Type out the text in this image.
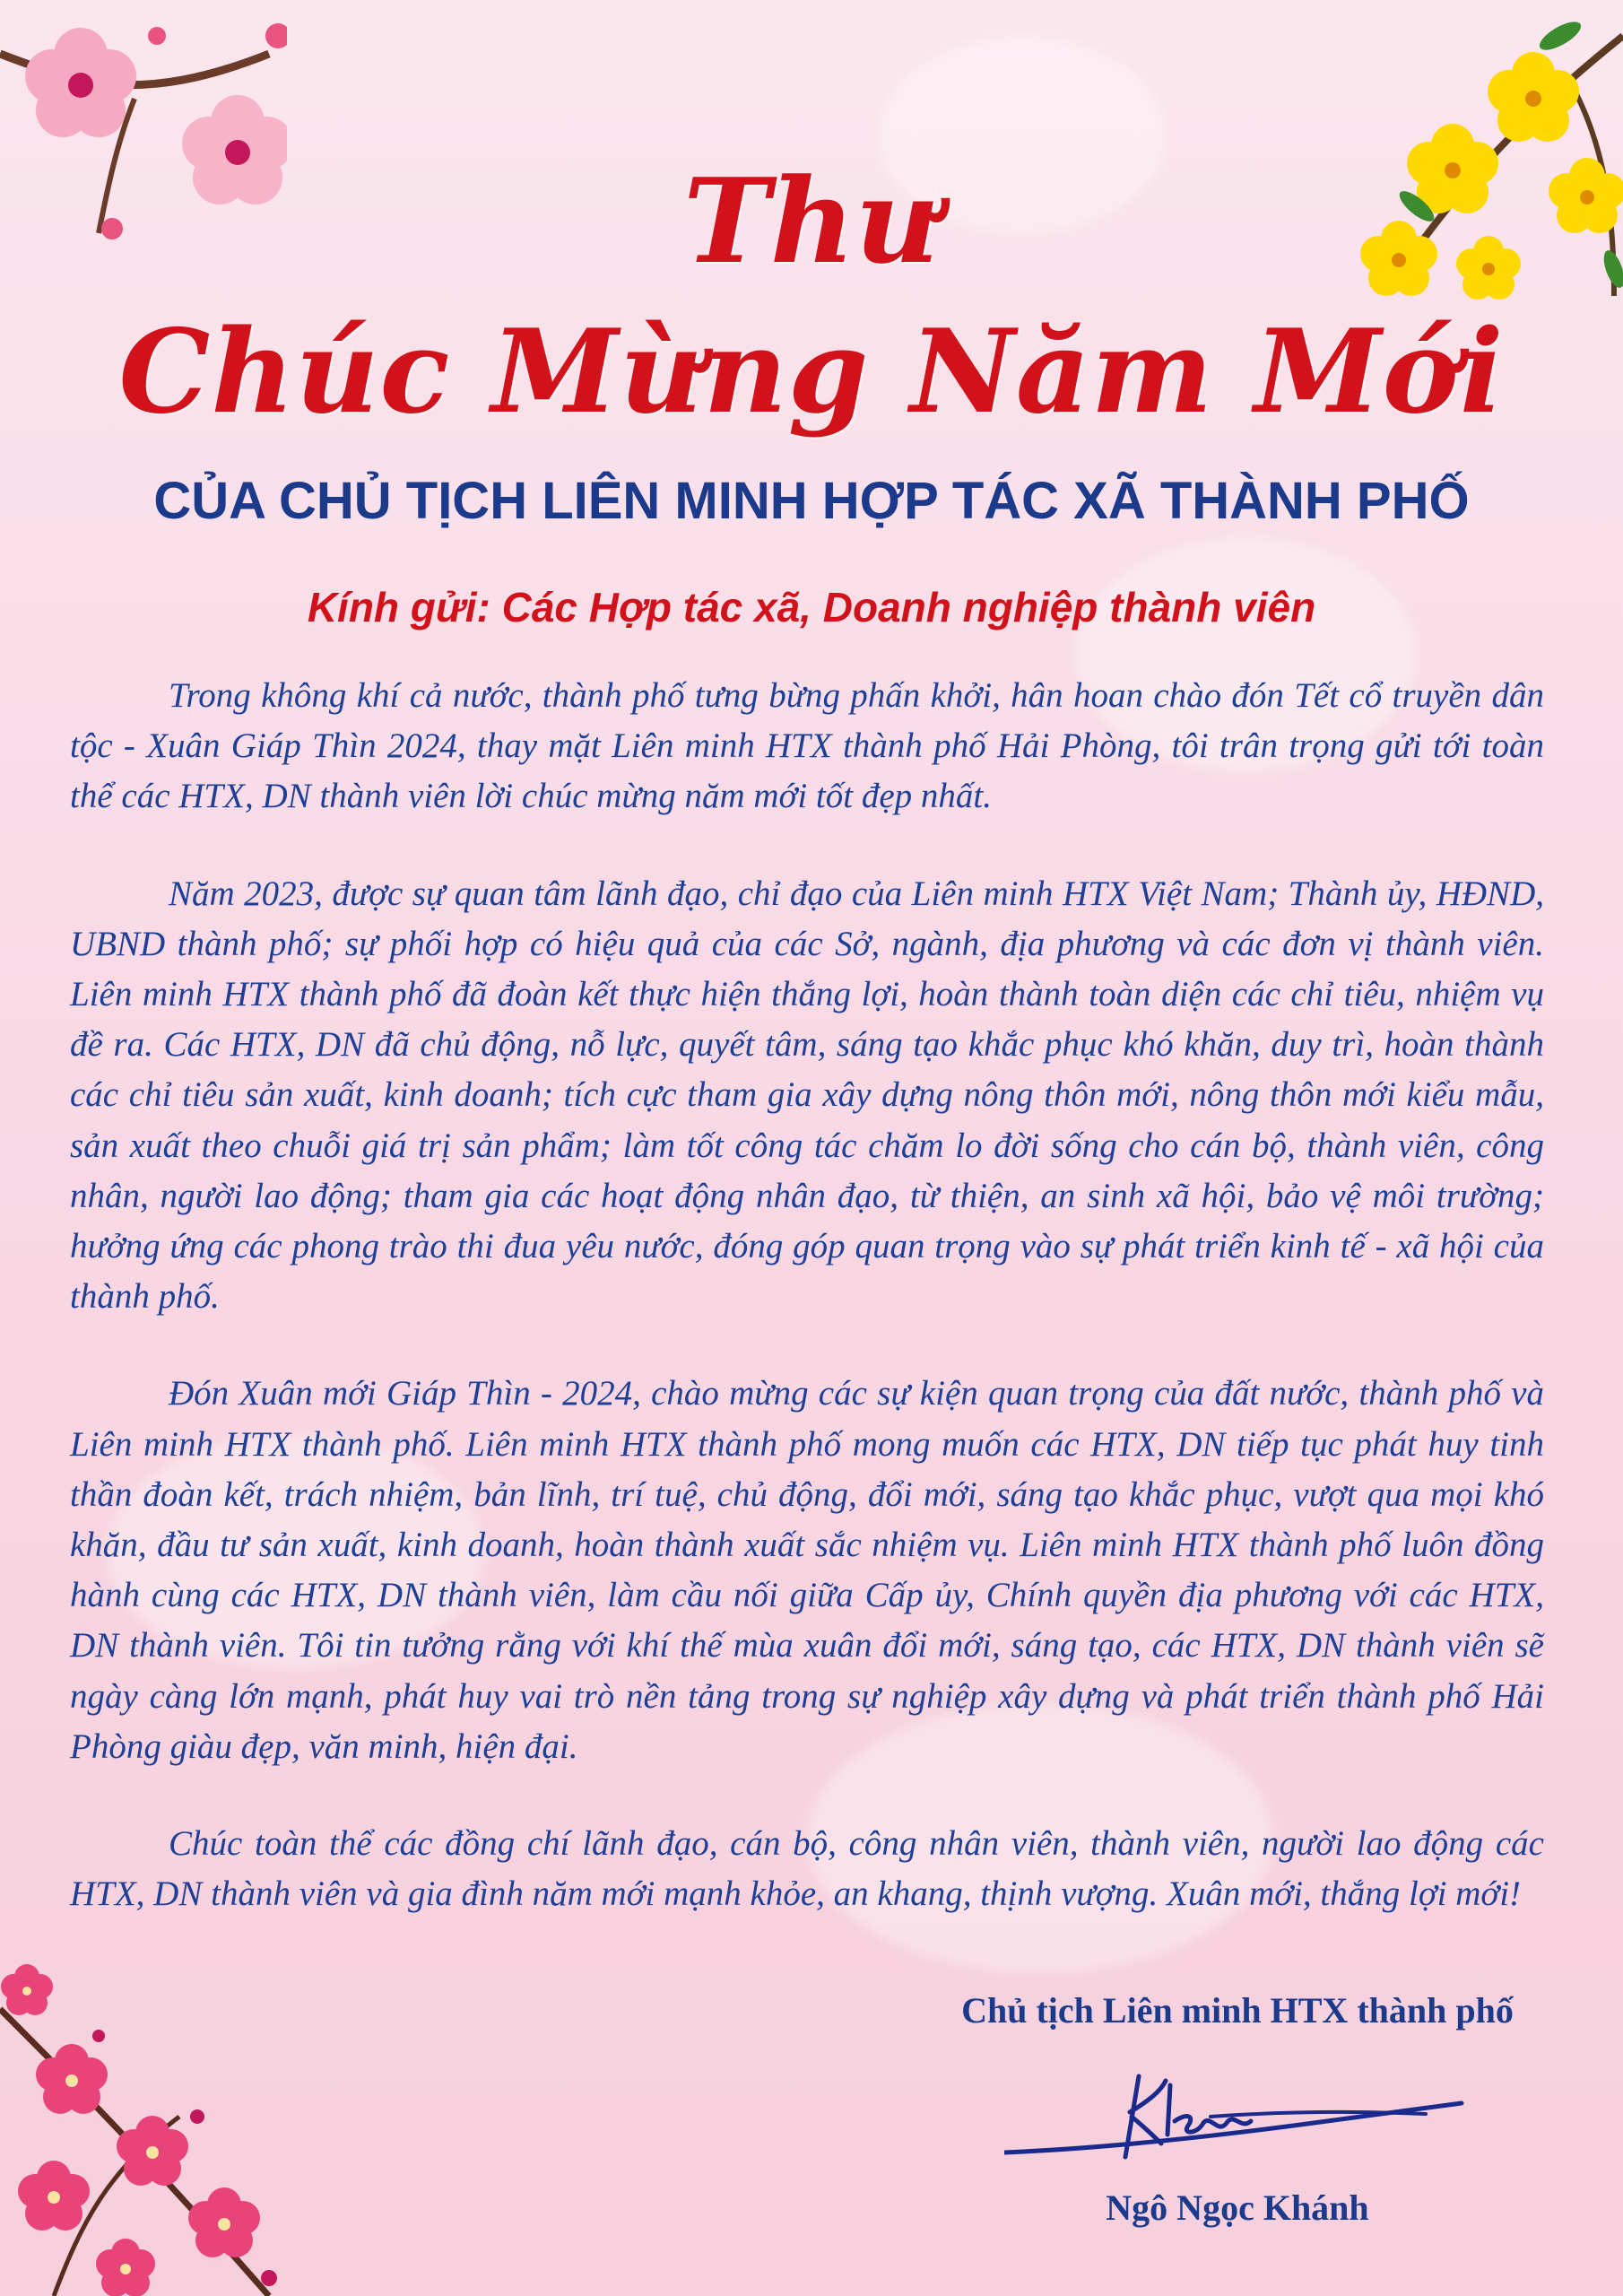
Thư
Chúc Mừng Năm Mới
CỦA CHỦ TỊCH LIÊN MINH HỢP TÁC XÃ THÀNH PHỐ
Kính gửi: Các Hợp tác xã, Doanh nghiệp thành viên

Trong không khí cả nước, thành phố tưng bừng phấn khởi, hân hoan chào đón Tết cổ truyền dân tộc - Xuân Giáp Thìn 2024, thay mặt Liên minh HTX thành phố Hải Phòng, tôi trân trọng gửi tới toàn thể các HTX, DN thành viên lời chúc mừng năm mới tốt đẹp nhất.

Năm 2023, được sự quan tâm lãnh đạo, chỉ đạo của Liên minh HTX Việt Nam; Thành ủy, HĐND, UBND thành phố; sự phối hợp có hiệu quả của các Sở, ngành, địa phương và các đơn vị thành viên. Liên minh HTX thành phố đã đoàn kết thực hiện thắng lợi, hoàn thành toàn diện các chỉ tiêu, nhiệm vụ đề ra. Các HTX, DN đã chủ động, nỗ lực, quyết tâm, sáng tạo khắc phục khó khăn, duy trì, hoàn thành các chỉ tiêu sản xuất, kinh doanh; tích cực tham gia xây dựng nông thôn mới, nông thôn mới kiểu mẫu, sản xuất theo chuỗi giá trị sản phẩm; làm tốt công tác chăm lo đời sống cho cán bộ, thành viên, công nhân, người lao động; tham gia các hoạt động nhân đạo, từ thiện, an sinh xã hội, bảo vệ môi trường; hưởng ứng các phong trào thi đua yêu nước, đóng góp quan trọng vào sự phát triển kinh tế - xã hội của thành phố.

Đón Xuân mới Giáp Thìn - 2024, chào mừng các sự kiện quan trọng của đất nước, thành phố và Liên minh HTX thành phố. Liên minh HTX thành phố mong muốn các HTX, DN tiếp tục phát huy tinh thần đoàn kết, trách nhiệm, bản lĩnh, trí tuệ, chủ động, đổi mới, sáng tạo khắc phục, vượt qua mọi khó khăn, đầu tư sản xuất, kinh doanh, hoàn thành xuất sắc nhiệm vụ. Liên minh HTX thành phố luôn đồng hành cùng các HTX, DN thành viên, làm cầu nối giữa Cấp ủy, Chính quyền địa phương với các HTX, DN thành viên. Tôi tin tưởng rằng với khí thế mùa xuân đổi mới, sáng tạo, các HTX, DN thành viên sẽ ngày càng lớn mạnh, phát huy vai trò nền tảng trong sự nghiệp xây dựng và phát triển thành phố Hải Phòng giàu đẹp, văn minh, hiện đại.

Chúc toàn thể các đồng chí lãnh đạo, cán bộ, công nhân viên, thành viên, người lao động các HTX, DN thành viên và gia đình năm mới mạnh khỏe, an khang, thịnh vượng. Xuân mới, thắng lợi mới!

Chủ tịch Liên minh HTX thành phố
Ngô Ngọc Khánh
